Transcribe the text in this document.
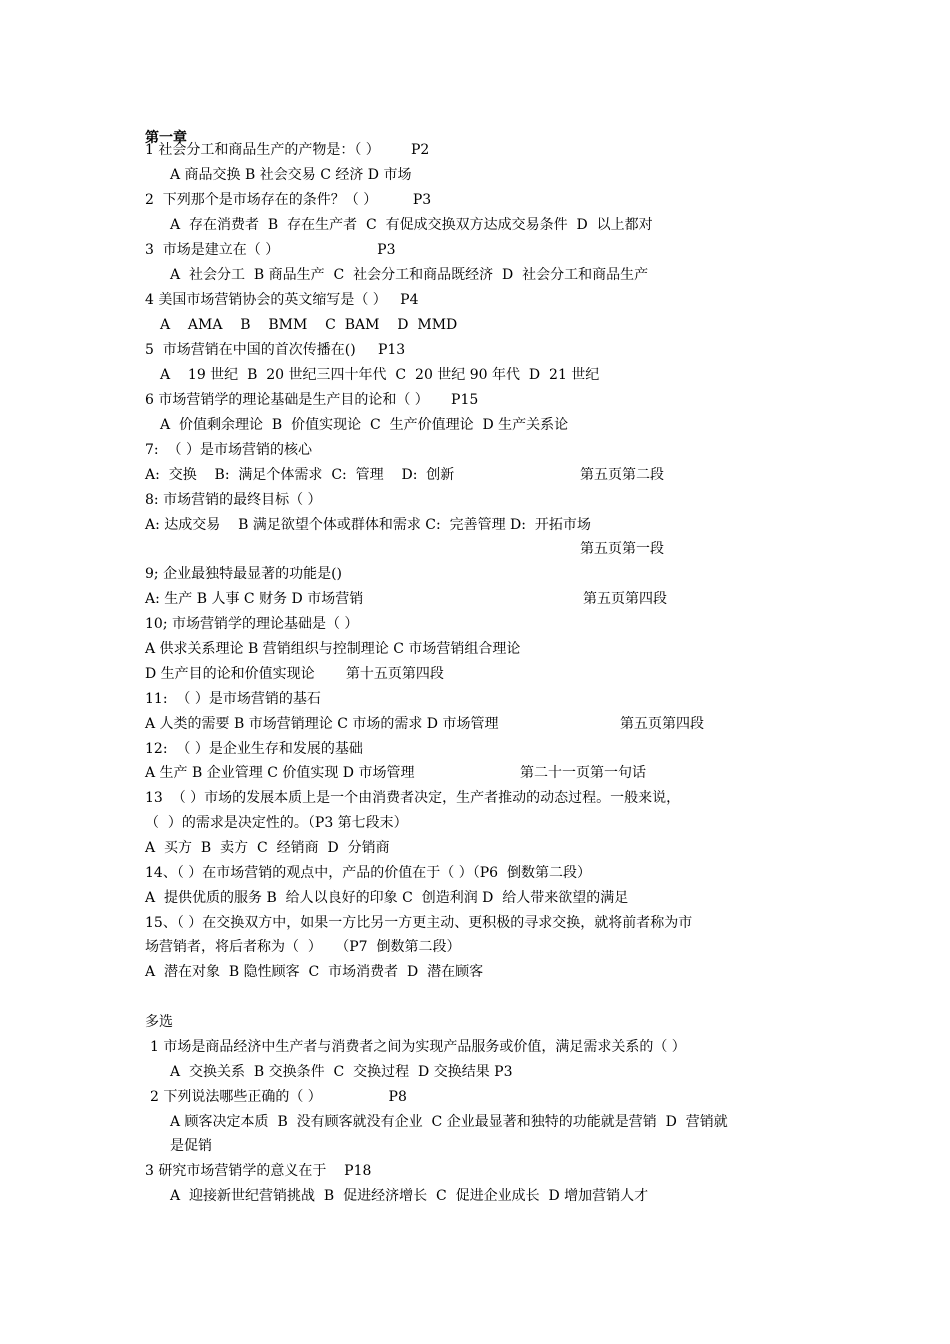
第一章
1 社会分工和商品生产的产物是：（ ）       P2
A 商品交换 B 社会交易 C 经济 D 市场
2  下列那个是市场存在的条件？（ ）        P3
A  存在消费者  B  存在生产者  C  有促成交换双方达成交易条件  D  以上都对
3  市场是建立在（ ）                      P3
A  社会分工  B 商品生产  C  社会分工和商品既经济  D  社会分工和商品生产
4 美国市场营销协会的英文缩写是（ ）   P4
A    AMA    B    BMM    C  BAM    D  MMD
5  市场营销在中国的首次传播在()     P13
A    19 世纪  B  20 世纪三四十年代  C  20 世纪 90 年代  D  21 世纪
6 市场营销学的理论基础是生产目的论和（ ）     P15
A  价值剩余理论  B  价值实现论  C  生产价值理论  D 生产关系论
7:  （ ）是市场营销的核心
A:  交换    B:  满足个体需求  C:  管理    D:  创新	第五页第二段
8: 市场营销的最终目标（ ）
A: 达成交易    B 满足欲望个体或群体和需求 C:  完善管理 D:  开拓市场
第五页第一段
9; 企业最独特最显著的功能是()
A: 生产 B 人事 C 财务 D 市场营销	第五页第四段
10; 市场营销学的理论基础是（ ）
A 供求关系理论 B 营销组织与控制理论 C 市场营销组合理论
D 生产目的论和价值实现论       第十五页第四段
11:  （ ）是市场营销的基石
A 人类的需要 B 市场营销理论 C 市场的需求 D 市场管理	第五页第四段
12:  （ ）是企业生存和发展的基础
A 生产 B 企业管理 C 价值实现 D 市场管理	第二十一页第一句话
13  （ ）市场的发展本质上是一个由消费者决定，生产者推动的动态过程。一般来说，
（  ）的需求是决定性的。（P3 第七段末）
A  买方  B  卖方  C  经销商  D  分销商
14、（ ）在市场营销的观点中，产品的价值在于（ ）（P6  倒数第二段）
A  提供优质的服务 B  给人以良好的印象 C  创造利润 D  给人带来欲望的满足
15、（ ）在交换双方中，如果一方比另一方更主动、更积极的寻求交换，就将前者称为市
场营销者，将后者称为（  ）   （P7  倒数第二段）
A  潜在对象  B 隐性顾客  C  市场消费者  D  潜在顾客
多选
1 市场是商品经济中生产者与消费者之间为实现产品服务或价值，满足需求关系的（ ）
A  交换关系  B 交换条件  C  交换过程  D 交换结果 P3
2 下列说法哪些正确的（ ）               P8
A 顾客决定本质  B  没有顾客就没有企业  C 企业最显著和独特的功能就是营销  D  营销就
是促销
3 研究市场营销学的意义在于    P18
A  迎接新世纪营销挑战  B  促进经济增长  C  促进企业成长  D 增加营销人才
